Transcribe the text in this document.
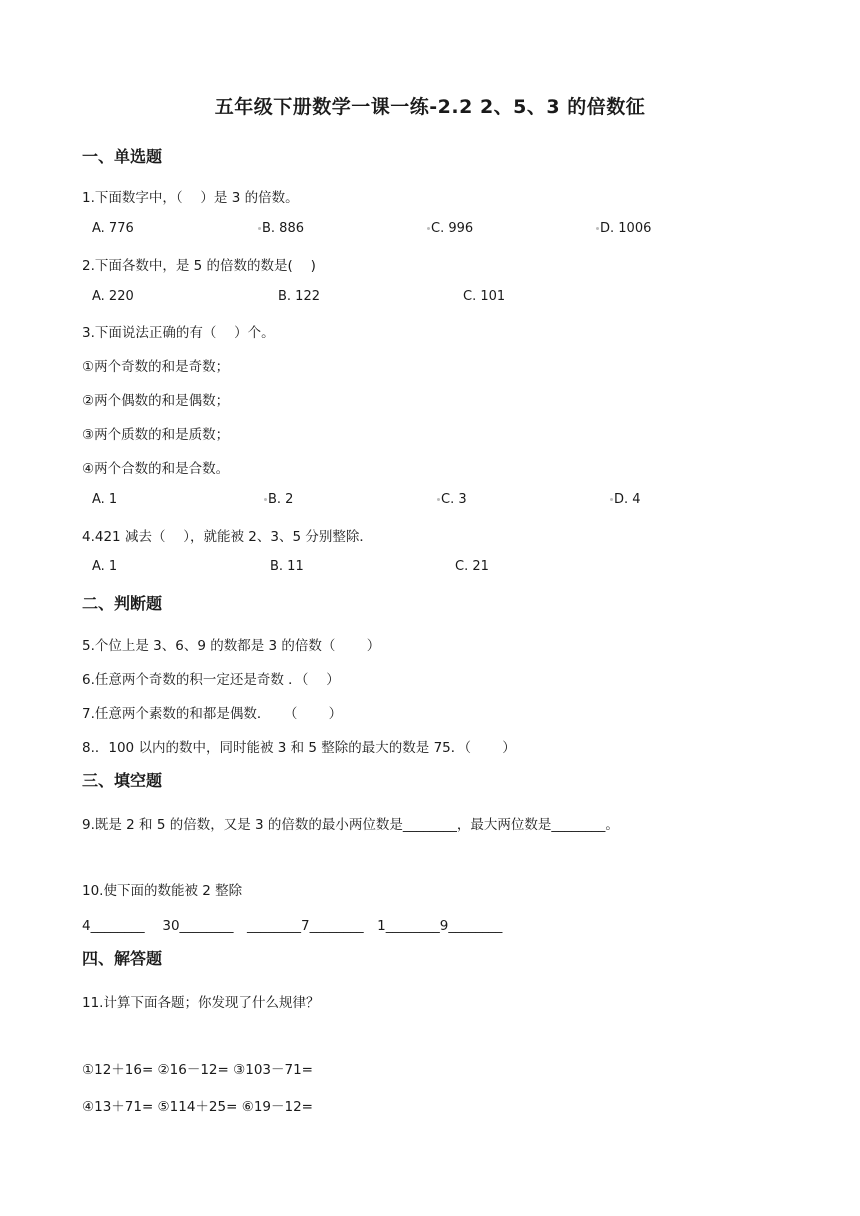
五年级下册数学一课一练-2.2 2、5、3 的倍数征
一、单选题
1.下面数字中，（　 ）是 3 的倍数。
A. 776	B. 886	C. 996	D. 1006
2.下面各数中，是 5 的倍数的数是(　 )
A. 220	B. 122	C. 101
3.下面说法正确的有（　 ）个。
①两个奇数的和是奇数；
②两个偶数的和是偶数；
③两个质数的和是质数；
④两个合数的和是合数。
A. 1	B. 2	C. 3	D. 4
4.421 减去（　 ），就能被 2、3、5 分别整除．
A. 1	B. 11	C. 21
二、判断题
5.个位上是 3、6、9 的数都是 3 的倍数（　　 ）
6.任意两个奇数的积一定还是奇数 ．（　 ）
7.任意两个素数的和都是偶数．　　（　　 ）
8.．100 以内的数中，同时能被 3 和 5 整除的最大的数是 75．（　　 ）
三、填空题
9.既是 2 和 5 的倍数，又是 3 的倍数的最小两位数是________，最大两位数是________。
10.使下面的数能被 2 整除
4________　 30________　________7________　1________9________
四、解答题
11.计算下面各题；你发现了什么规律？
①12＋16= ②16－12= ③103－71=
④13＋71= ⑤114＋25= ⑥19－12=
